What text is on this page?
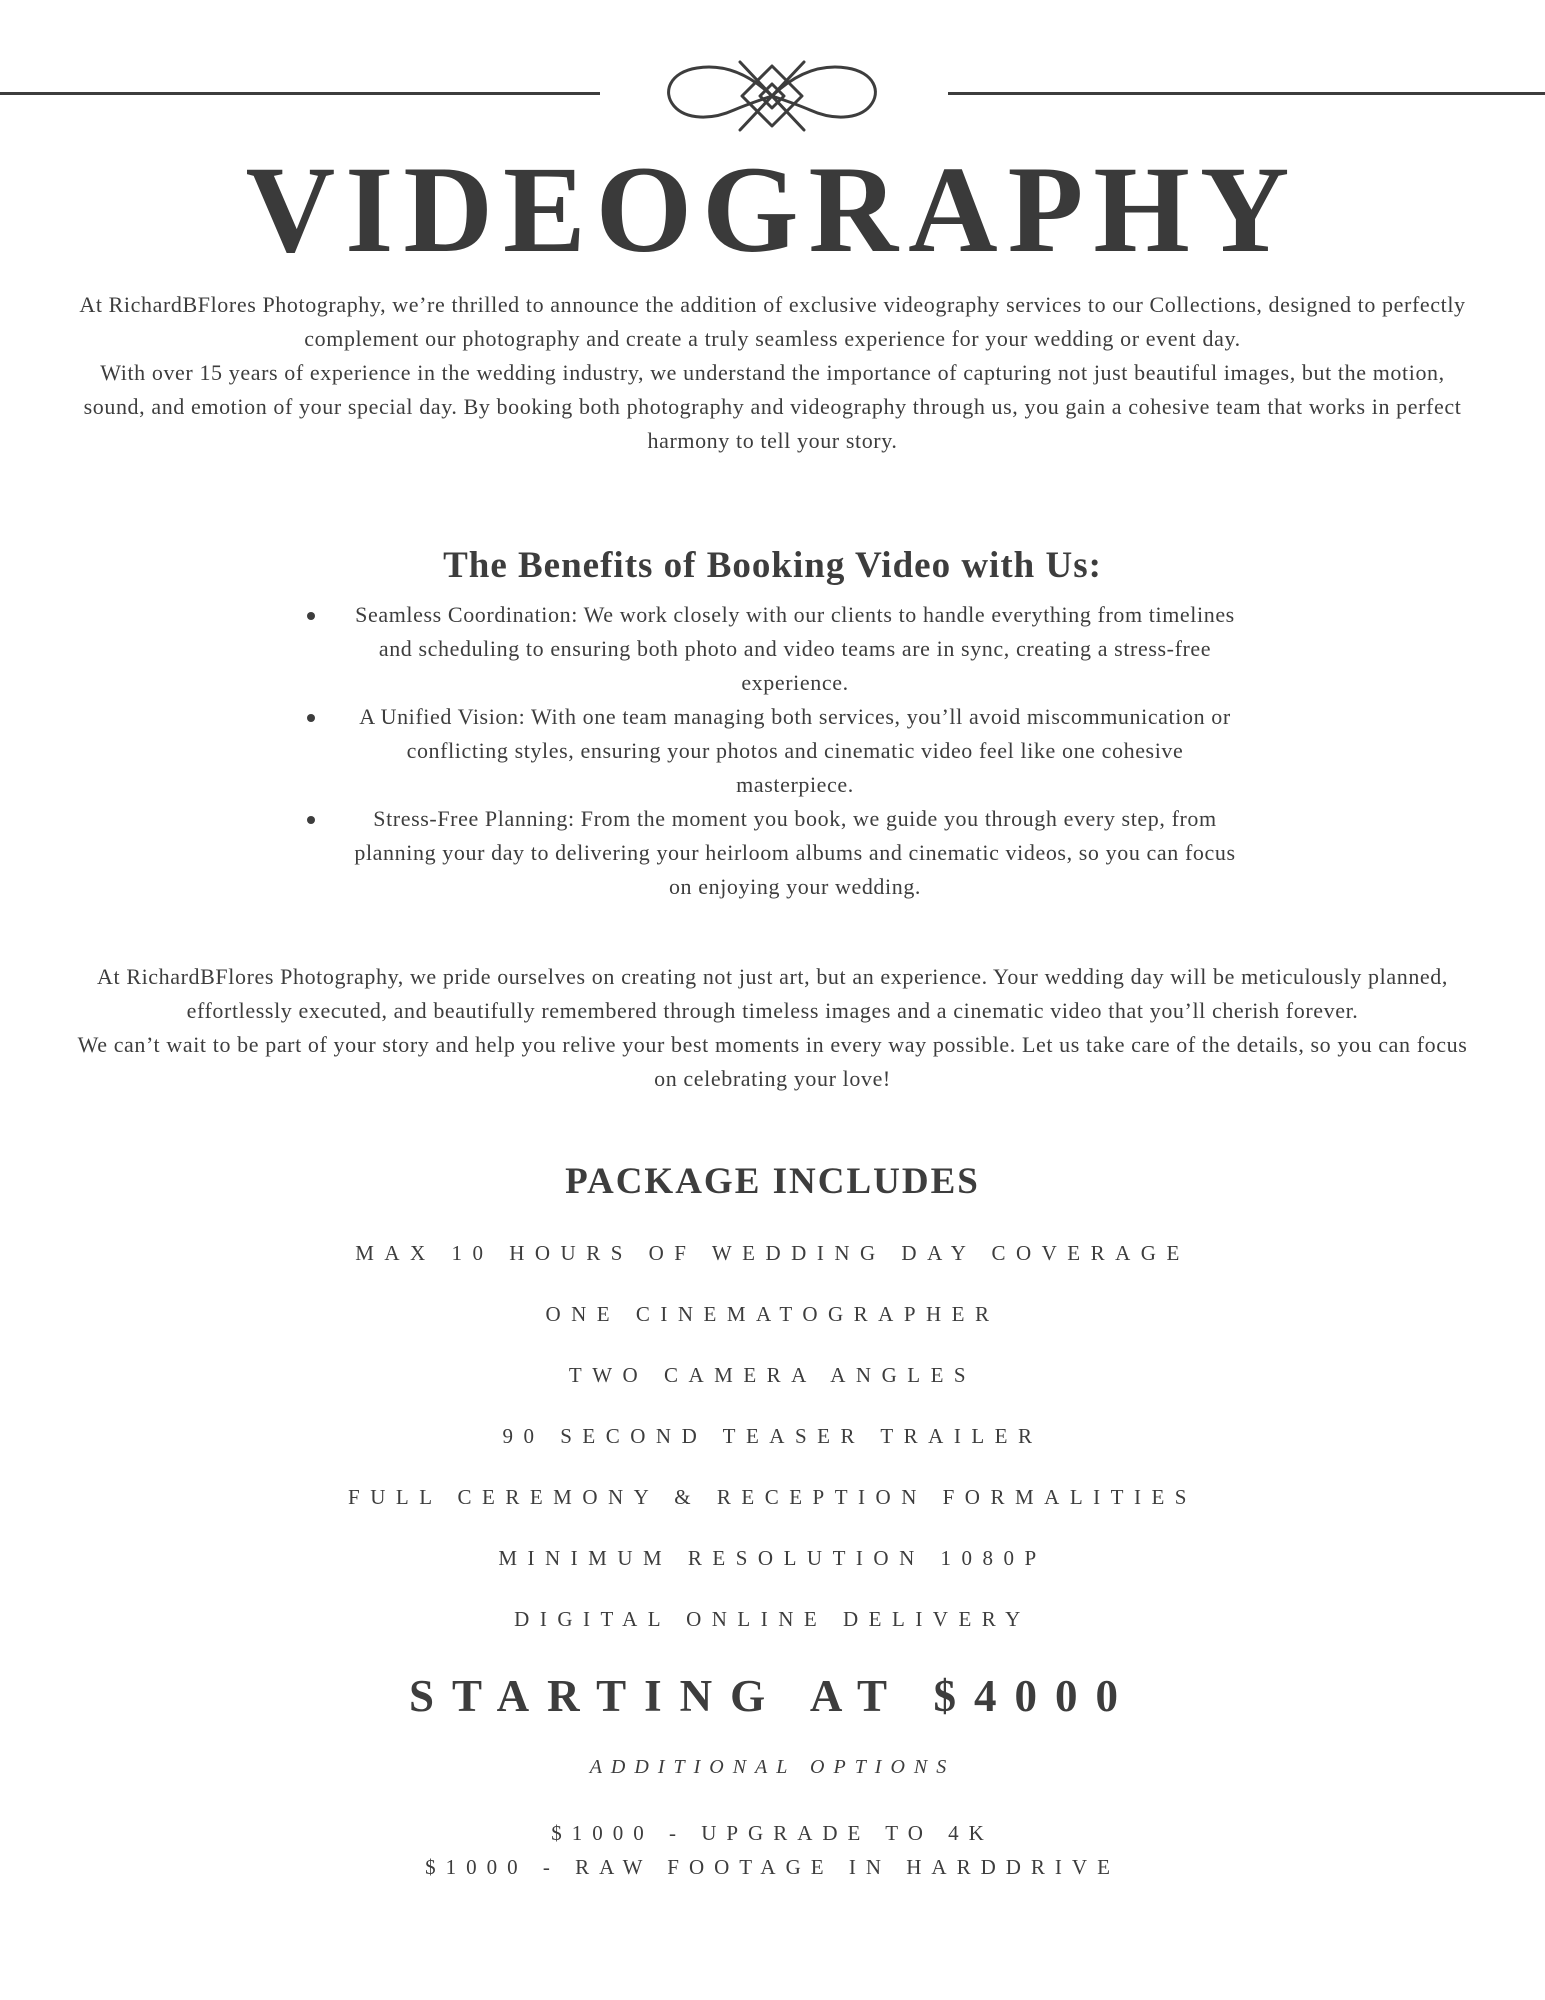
VIDEOGRAPHY

At RichardBFlores Photography, we’re thrilled to announce the addition of exclusive videography services to our Collections, designed to perfectly complement our photography and create a truly seamless experience for your wedding or event day.

With over 15 years of experience in the wedding industry, we understand the importance of capturing not just beautiful images, but the motion, sound, and emotion of your special day. By booking both photography and videography through us, you gain a cohesive team that works in perfect harmony to tell your story.

The Benefits of Booking Video with Us:
Seamless Coordination: We work closely with our clients to handle everything from timelines and scheduling to ensuring both photo and video teams are in sync, creating a stress-free experience.
A Unified Vision: With one team managing both services, you’ll avoid miscommunication or conflicting styles, ensuring your photos and cinematic video feel like one cohesive masterpiece.
Stress-Free Planning: From the moment you book, we guide you through every step, from planning your day to delivering your heirloom albums and cinematic videos, so you can focus on enjoying your wedding.

At RichardBFlores Photography, we pride ourselves on creating not just art, but an experience. Your wedding day will be meticulously planned, effortlessly executed, and beautifully remembered through timeless images and a cinematic video that you’ll cherish forever.

We can’t wait to be part of your story and help you relive your best moments in every way possible. Let us take care of the details, so you can focus on celebrating your love!

PACKAGE INCLUDES
MAX 10 HOURS OF WEDDING DAY COVERAGE
ONE CINEMATOGRAPHER
TWO CAMERA ANGLES
90 SECOND TEASER TRAILER
FULL CEREMONY & RECEPTION FORMALITIES
MINIMUM RESOLUTION 1080P
DIGITAL ONLINE DELIVERY
STARTING AT $4000
ADDITIONAL OPTIONS
$1000 - UPGRADE TO 4K
$1000 - RAW FOOTAGE IN HARDDRIVE
